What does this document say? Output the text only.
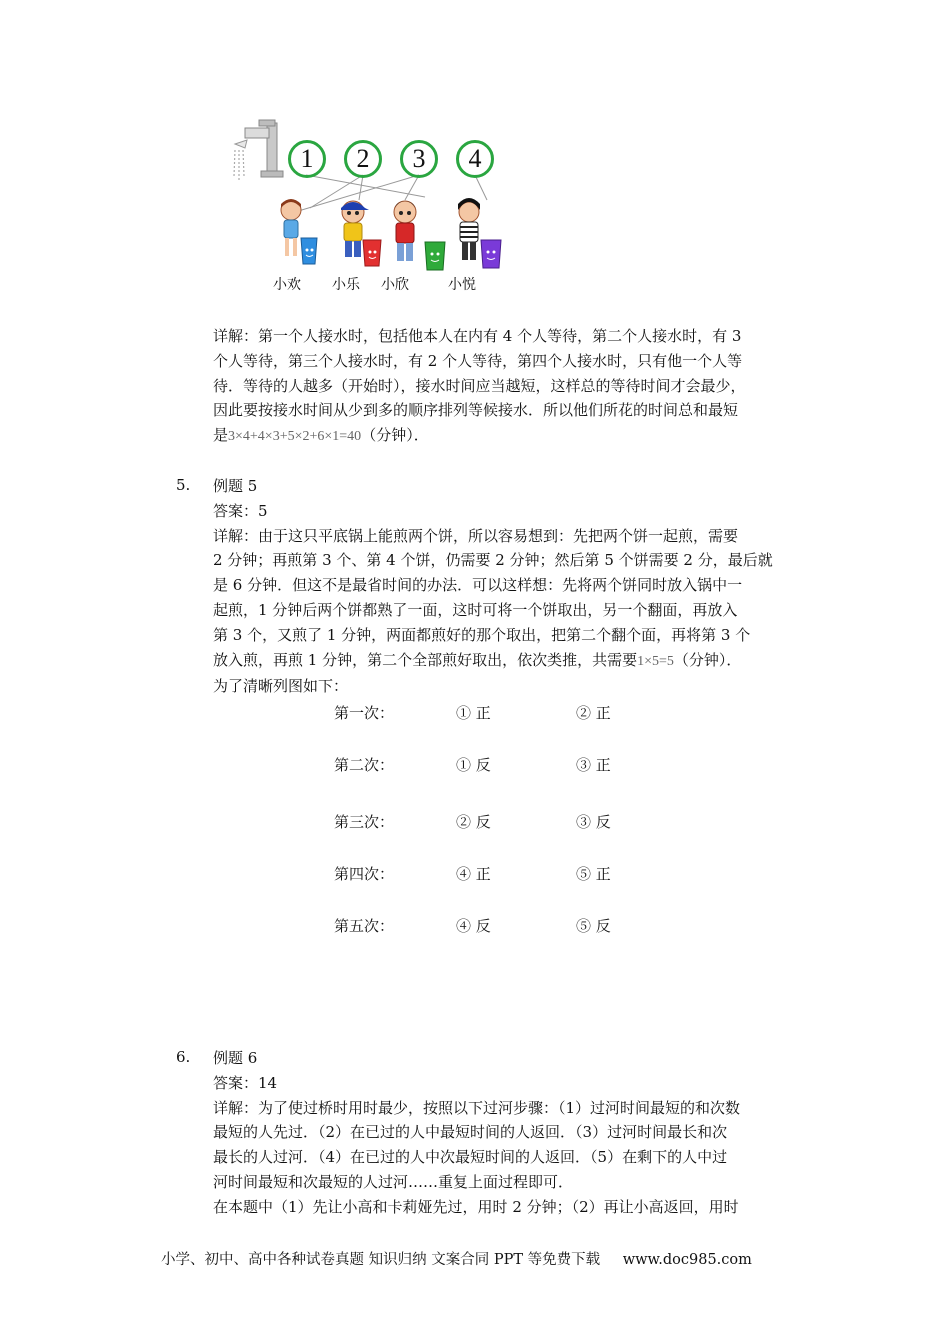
1	2	3	4
小欢 小乐 小欣	小悦

详解：第一个人接水时，包括他本人在内有 4 个人等待，第二个人接水时，有 3

个人等待，第三个人接水时，有 2 个人等待，第四个人接水时，只有他一个人等

待．等待的人越多（开始时），接水时间应当越短，这样总的等待时间才会最少，

因此要按接水时间从少到多的顺序排列等候接水．所以他们所花的时间总和最短

是3×4+4×3+5×2+6×1=40（分钟）．

5. 例题 5

答案：5

详解：由于这只平底锅上能煎两个饼，所以容易想到：先把两个饼一起煎，需要

2 分钟；再煎第 3 个、第 4 个饼，仍需要 2 分钟；然后第 5 个饼需要 2 分，最后就

是 6 分钟．但这不是最省时间的办法．可以这样想：先将两个饼同时放入锅中一

起煎，1 分钟后两个饼都熟了一面，这时可将一个饼取出，另一个翻面，再放入

第 3 个，又煎了 1 分钟，两面都煎好的那个取出，把第二个翻个面，再将第 3 个

放入煎，再煎 1 分钟，第二个全部煎好取出，依次类推，共需要1×5=5（分钟）．

为了清晰列图如下：

第一次：	① 正	② 正
第二次：	① 反	③ 正
第三次：	② 反	③ 反
第四次：	④ 正	⑤ 正
第五次：	④ 反	⑤ 反
6. 例题 6

答案：14

详解：为了使过桥时用时最少，按照以下过河步骤：（1）过河时间最短的和次数

最短的人先过．（2）在已过的人中最短时间的人返回．（3）过河时间最长和次

最长的人过河．（4）在已过的人中次最短时间的人返回．（5）在剩下的人中过

河时间最短和次最短的人过河……重复上面过程即可．

在本题中（1）先让小高和卡莉娅先过，用时 2 分钟；（2）再让小高返回，用时

小学、初中、高中各种试卷真题 知识归纳 文案合同 PPT 等免费下载 www.doc985.com
